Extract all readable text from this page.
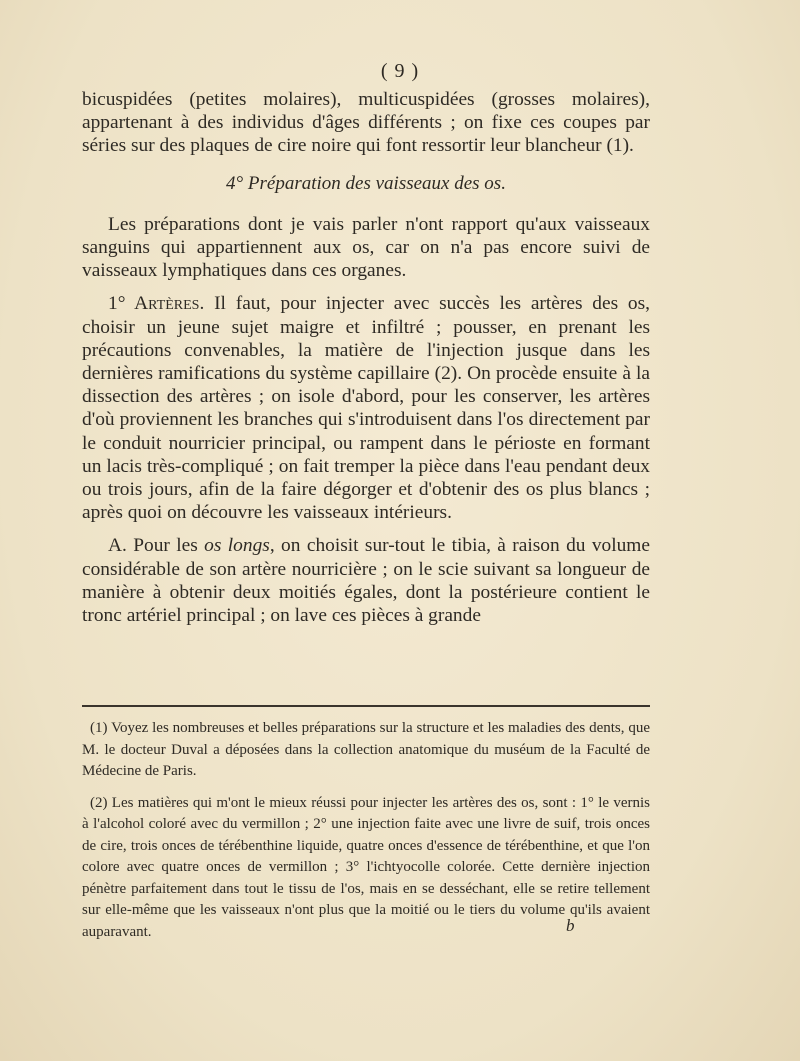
( 9 )

bicuspidées (petites molaires), multicuspidées (grosses molaires), appartenant à des individus d'âges différents ; on fixe ces coupes par séries sur des plaques de cire noire qui font ressortir leur blancheur (1).

4° Préparation des vaisseaux des os.

Les préparations dont je vais parler n'ont rapport qu'aux vaisseaux sanguins qui appartiennent aux os, car on n'a pas encore suivi de vaisseaux lymphatiques dans ces organes.

1° Artères. Il faut, pour injecter avec succès les artères des os, choisir un jeune sujet maigre et infiltré ; pousser, en prenant les précautions convenables, la matière de l'injection jusque dans les dernières ramifications du système capillaire (2). On procède ensuite à la dissection des artères ; on isole d'abord, pour les conserver, les artères d'où proviennent les branches qui s'introduisent dans l'os directement par le conduit nourricier principal, ou rampent dans le périoste en formant un lacis très-compliqué ; on fait tremper la pièce dans l'eau pendant deux ou trois jours, afin de la faire dégorger et d'obtenir des os plus blancs ; après quoi on découvre les vaisseaux intérieurs.

A. Pour les os longs, on choisit sur-tout le tibia, à raison du volume considérable de son artère nourricière ; on le scie suivant sa longueur de manière à obtenir deux moitiés égales, dont la postérieure contient le tronc artériel principal ; on lave ces pièces à grande

(1) Voyez les nombreuses et belles préparations sur la structure et les maladies des dents, que M. le docteur Duval a déposées dans la collection anatomique du muséum de la Faculté de Médecine de Paris.

(2) Les matières qui m'ont le mieux réussi pour injecter les artères des os, sont : 1° le vernis à l'alcohol coloré avec du vermillon ; 2° une injection faite avec une livre de suif, trois onces de cire, trois onces de térébenthine liquide, quatre onces d'essence de térébenthine, et que l'on colore avec quatre onces de vermillon ; 3° l'ichtyocolle colorée. Cette dernière injection pénètre parfaitement dans tout le tissu de l'os, mais en se desséchant, elle se retire tellement sur elle-même que les vaisseaux n'ont plus que la moitié ou le tiers du volume qu'ils avaient auparavant.	b
